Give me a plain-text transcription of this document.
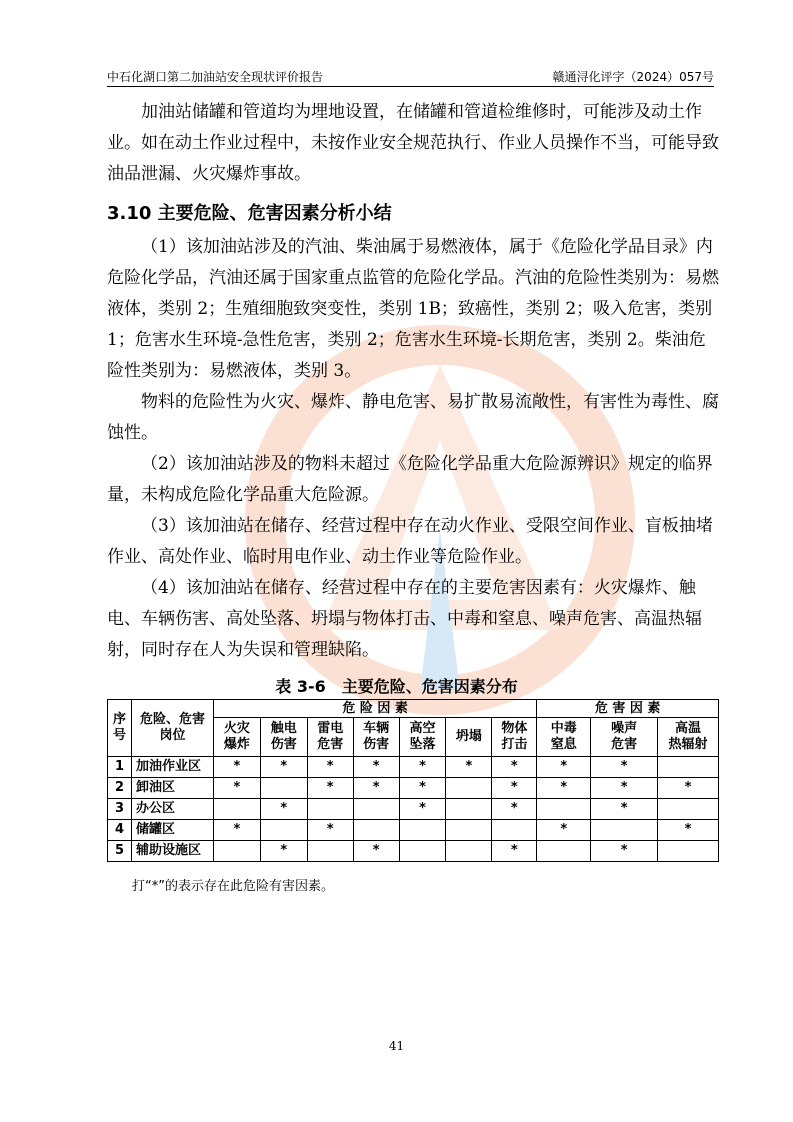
中石化湖口第二加油站安全现状评价报告	赣通浔化评字（2024）057号

加油站储罐和管道均为埋地设置，在储罐和管道检维修时，可能涉及动土作业。如在动土作业过程中，未按作业安全规范执行、作业人员操作不当，可能导致油品泄漏、火灾爆炸事故。

3.10 主要危险、危害因素分析小结

（1）该加油站涉及的汽油、柴油属于易燃液体，属于《危险化学品目录》内危险化学品，汽油还属于国家重点监管的危险化学品。汽油的危险性类别为：易燃液体，类别 2；生殖细胞致突变性，类别 1B；致癌性，类别 2；吸入危害，类别 1；危害水生环境-急性危害，类别 2；危害水生环境-长期危害，类别 2。柴油危险性类别为：易燃液体，类别 3。

物料的危险性为火灾、爆炸、静电危害、易扩散易流敞性，有害性为毒性、腐蚀性。

（2）该加油站涉及的物料未超过《危险化学品重大危险源辨识》规定的临界量，未构成危险化学品重大危险源。

（3）该加油站在储存、经营过程中存在动火作业、受限空间作业、盲板抽堵作业、高处作业、临时用电作业、动土作业等危险作业。

（4）该加油站在储存、经营过程中存在的主要危害因素有：火灾爆炸、触电、车辆伤害、高处坠落、坍塌与物体打击、中毒和窒息、噪声危害、高温热辐射，同时存在人为失误和管理缺陷。

表 3-6　主要危险、危害因素分布
序
号	危险、危害
岗位	危 险 因 素							危 害 因 素		
		火灾
爆炸	触电
伤害	雷电
危害	车辆
伤害	高空
坠落	坍塌	物体
打击	中毒
窒息	噪声
危害	高温
热辐射
1	加油作业区	*	*	*	*	*	*	*	*	*	
2	卸油区	*		*	*	*		*	*	*	*
3	办公区		*			*		*		*	
4	储罐区	*		*					*		*
5	辅助设施区		*		*			*		*	
打“*”的表示存在此危险有害因素。
41
